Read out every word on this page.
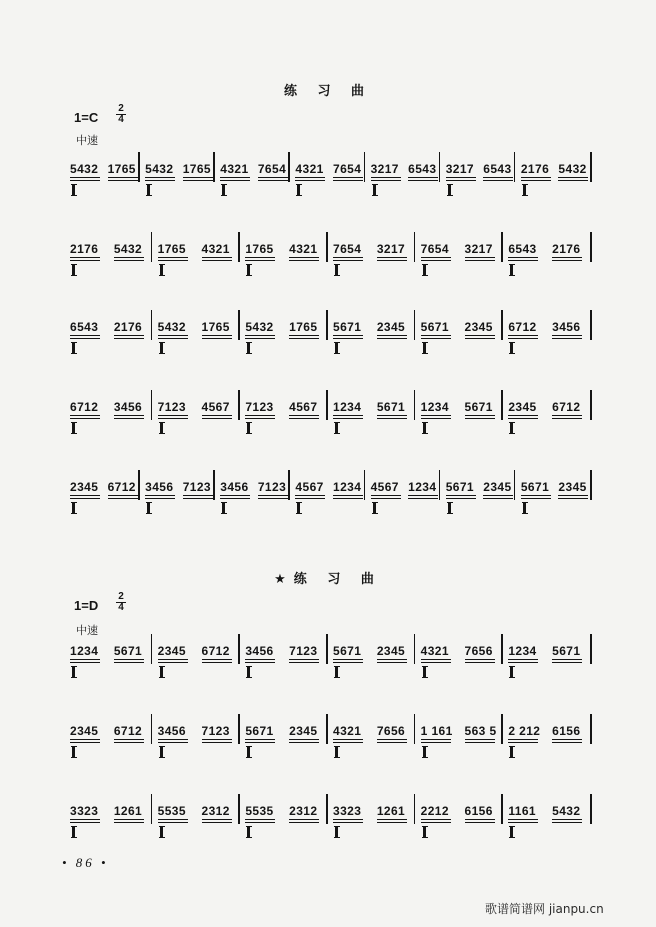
练 习 曲
1=C
2
4
中速
5432 1765 5432 1765 4321 7654 4321 7654 3217 6543 3217 6543 2176 5432
2176 5432 1765 4321 1765 4321 7654 3217 7654 3217 6543 2176
6543 2176 5432 1765 5432 1765 5671 2345 5671 2345 6712 3456
6712 3456 7123 4567 7123 4567 1234 5671 1234 5671 2345 6712
2345 6712 3456 7123 3456 7123 4567 1234 4567 1234 5671 2345 5671 2345
★练 习 曲
1=D
2
4
中速
1234 5671 2345 6712 3456 7123 5671 2345 4321 7656 1234 5671
2345 6712 3456 7123 5671 2345 4321 7656 1 161 563 5 2 212 6156
3323 1261 5535 2312 5535 2312 3323 1261 2212 6156 1161 5432
• 86 •
歌谱简谱网 jianpu.cn
